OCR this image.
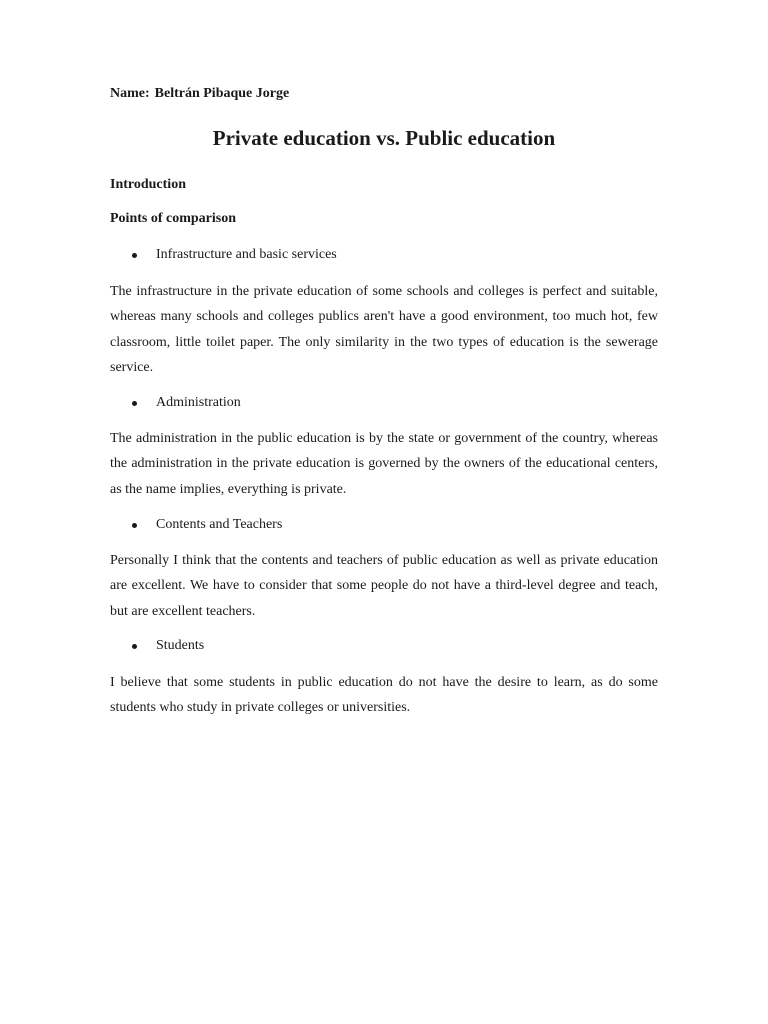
Name: Beltrán Pibaque Jorge
Private education vs. Public education
Introduction
Points of comparison
Infrastructure and basic services
The infrastructure in the private education of some schools and colleges is perfect and suitable, whereas many schools and colleges publics aren't have a good environment, too much hot, few classroom, little toilet paper. The only similarity in the two types of education is the sewerage service.
Administration
The administration in the public education is by the state or government of the country, whereas the administration in the private education is governed by the owners of the educational centers, as the name implies, everything is private.
Contents and Teachers
Personally I think that the contents and teachers of public education as well as private education are excellent. We have to consider that some people do not have a third-level degree and teach, but are excellent teachers.
Students
I believe that some students in public education do not have the desire to learn, as do some students who study in private colleges or universities.
